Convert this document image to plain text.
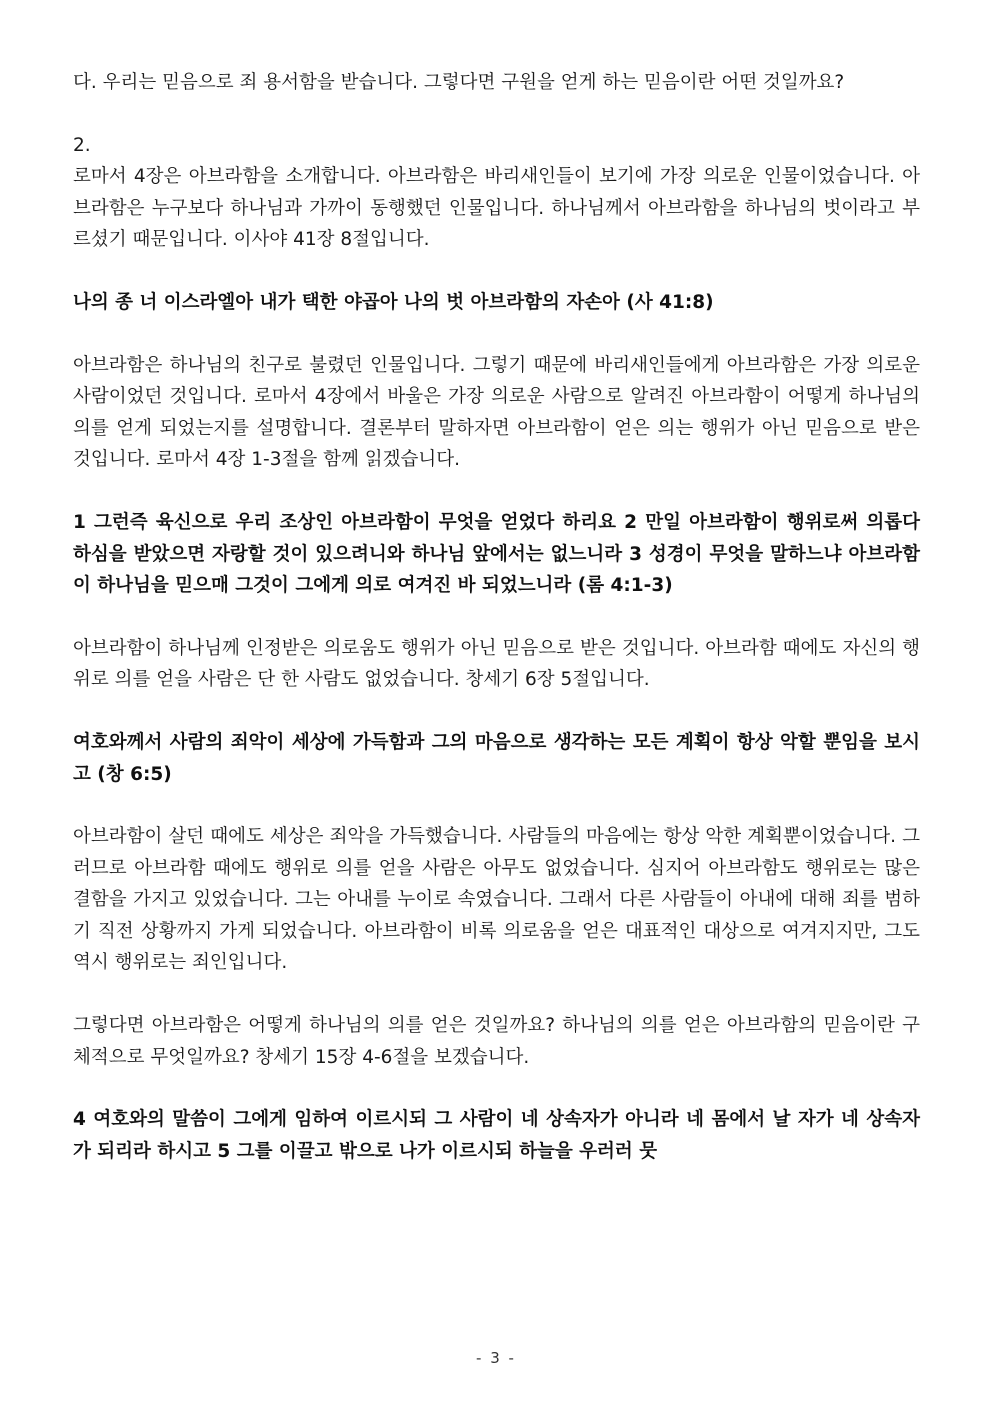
다. 우리는 믿음으로 죄 용서함을 받습니다. 그렇다면 구원을 얻게 하는 믿음이란 어떤 것일까요?

2.

로마서 4장은 아브라함을 소개합니다. 아브라함은 바리새인들이 보기에 가장 의로운 인물이었습니다. 아브라함은 누구보다 하나님과 가까이 동행했던 인물입니다. 하나님께서 아브라함을 하나님의 벗이라고 부르셨기 때문입니다. 이사야 41장 8절입니다.

나의 종 너 이스라엘아 내가 택한 야곱아 나의 벗 아브라함의 자손아 (사 41:8)

아브라함은 하나님의 친구로 불렸던 인물입니다. 그렇기 때문에 바리새인들에게 아브라함은 가장 의로운 사람이었던 것입니다. 로마서 4장에서 바울은 가장 의로운 사람으로 알려진 아브라함이 어떻게 하나님의 의를 얻게 되었는지를 설명합니다. 결론부터 말하자면 아브라함이 얻은 의는 행위가 아닌 믿음으로 받은 것입니다. 로마서 4장 1-3절을 함께 읽겠습니다.

1 그런즉 육신으로 우리 조상인 아브라함이 무엇을 얻었다 하리요 2 만일 아브라함이 행위로써 의롭다 하심을 받았으면 자랑할 것이 있으려니와 하나님 앞에서는 없느니라 3 성경이 무엇을 말하느냐 아브라함이 하나님을 믿으매 그것이 그에게 의로 여겨진 바 되었느니라 (롬 4:1-3)

아브라함이 하나님께 인정받은 의로움도 행위가 아닌 믿음으로 받은 것입니다. 아브라함 때에도 자신의 행위로 의를 얻을 사람은 단 한 사람도 없었습니다. 창세기 6장 5절입니다.

여호와께서 사람의 죄악이 세상에 가득함과 그의 마음으로 생각하는 모든 계획이 항상 악할 뿐임을 보시고 (창 6:5)

아브라함이 살던 때에도 세상은 죄악을 가득했습니다. 사람들의 마음에는 항상 악한 계획뿐이었습니다. 그러므로 아브라함 때에도 행위로 의를 얻을 사람은 아무도 없었습니다. 심지어 아브라함도 행위로는 많은 결함을 가지고 있었습니다. 그는 아내를 누이로 속였습니다. 그래서 다른 사람들이 아내에 대해 죄를 범하기 직전 상황까지 가게 되었습니다. 아브라함이 비록 의로움을 얻은 대표적인 대상으로 여겨지지만, 그도 역시 행위로는 죄인입니다.

그렇다면 아브라함은 어떻게 하나님의 의를 얻은 것일까요? 하나님의 의를 얻은 아브라함의 믿음이란 구체적으로 무엇일까요? 창세기 15장 4-6절을 보겠습니다.

4 여호와의 말씀이 그에게 임하여 이르시되 그 사람이 네 상속자가 아니라 네 몸에서 날 자가 네 상속자가 되리라 하시고 5 그를 이끌고 밖으로 나가 이르시되 하늘을 우러러 뭇

- 3 -
